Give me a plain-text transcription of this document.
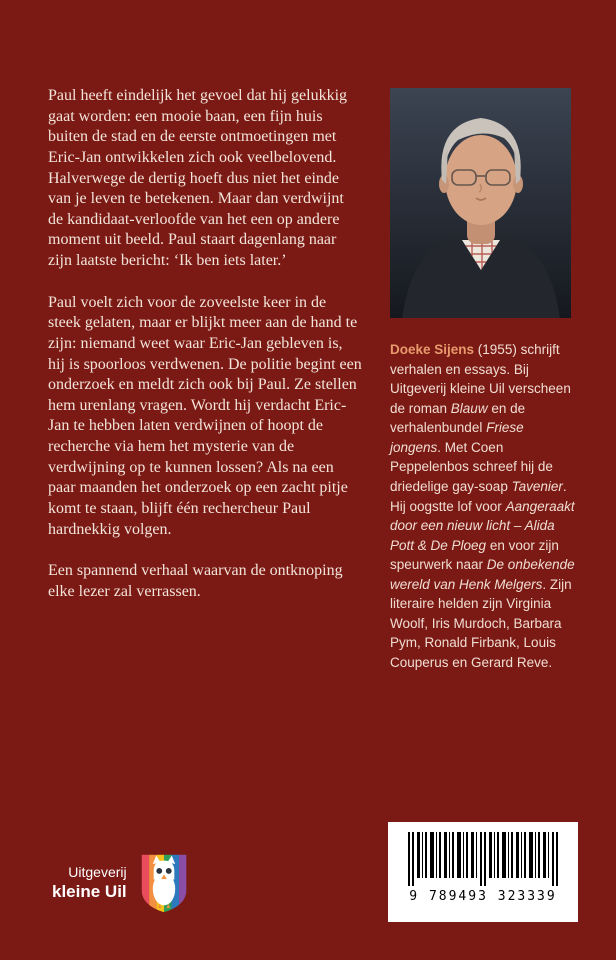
Paul heeft eindelijk het gevoel dat hij gelukkig gaat worden: een mooie baan, een fijn huis buiten de stad en de eerste ontmoetingen met Eric-Jan ontwikkelen zich ook veelbelovend. Halverwege de dertig hoeft dus niet het einde van je leven te betekenen. Maar dan verdwijnt de kandidaat-verloofde van het een op andere moment uit beeld. Paul staart dagenlang naar zijn laatste bericht: ‘Ik ben iets later.’

Paul voelt zich voor de zoveelste keer in de steek gelaten, maar er blijkt meer aan de hand te zijn: niemand weet waar Eric-Jan gebleven is, hij is spoorloos verdwenen. De politie begint een onderzoek en meldt zich ook bij Paul. Ze stellen hem urenlang vragen. Wordt hij verdacht Eric-Jan te hebben laten verdwijnen of hoopt de recherche via hem het mysterie van de verdwijning op te kunnen lossen? Als na een paar maanden het onderzoek op een zacht pitje komt te staan, blijft één rechercheur Paul hardnekkig volgen.

Een spannend verhaal waarvan de ontknoping elke lezer zal verrassen.

Doeke Sijens (1955) schrijft verhalen en essays. Bij Uitgeverij kleine Uil verscheen de roman Blauw en de verhalenbundel Friese jongens. Met Coen Peppelenbos schreef hij de driedelige gay-soap Tavenier. Hij oogstte lof voor Aangeraakt door een nieuw licht – Alida Pott & De Ploeg en voor zijn speurwerk naar De onbekende wereld van Henk Melgers. Zijn literaire helden zijn Virginia Woolf, Iris Murdoch, Barbara Pym, Ronald Firbank, Louis Couperus en Gerard Reve.
Uitgeverij
kleine Uil	9 789493 323339
